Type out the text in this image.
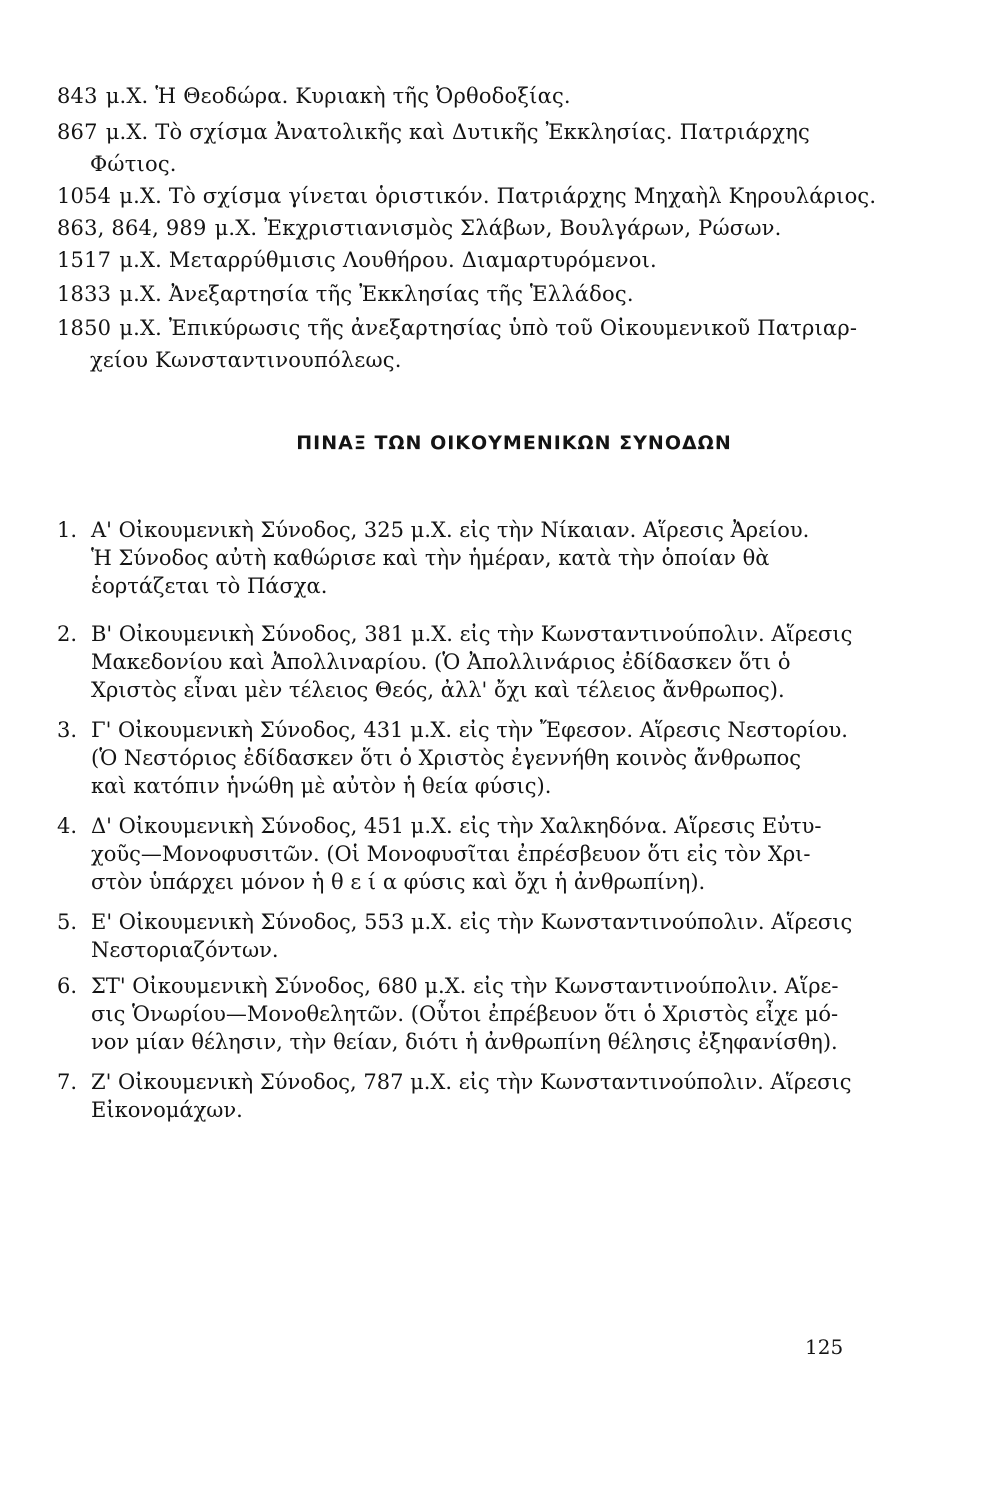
843 μ.Χ. Ἡ Θεοδώρα. Κυριακὴ τῆς Ὀρθοδοξίας.
867 μ.Χ. Τὸ σχίσμα Ἀνατολικῆς καὶ Δυτικῆς Ἐκκλησίας. Πατριάρχης
Φώτιος.
1054 μ.Χ. Τὸ σχίσμα γίνεται ὁριστικόν. Πατριάρχης Μηχαὴλ Κηρουλάριος.
863, 864, 989 μ.Χ. Ἐκχριστιανισμὸς Σλάβων, Βουλγάρων, Ρώσων.
1517 μ.Χ. Μεταρρύθμισις Λουθήρου. Διαμαρτυρόμενοι.
1833 μ.Χ. Ἀνεξαρτησία τῆς Ἐκκλησίας τῆς Ἑλλάδος.
1850 μ.Χ. Ἐπικύρωσις τῆς ἀνεξαρτησίας ὑπὸ τοῦ Οἰκουμενικοῦ Πατριαρ-
χείου Κωνσταντινουπόλεως.
ΠΙΝΑΞ ΤΩΝ ΟΙΚΟΥΜΕΝΙΚΩΝ ΣΥΝΟΔΩΝ
1. Α' Οἰκουμενικὴ Σύνοδος, 325 μ.Χ. εἰς τὴν Νίκαιαν. Αἵρεσις Ἀρείου.
Ἡ Σύνοδος αὐτὴ καθώρισε καὶ τὴν ἡμέραν, κατὰ τὴν ὁποίαν θὰ
ἑορτάζεται τὸ Πάσχα.
2. Β' Οἰκουμενικὴ Σύνοδος, 381 μ.Χ. εἰς τὴν Κωνσταντινούπολιν. Αἵρεσις
Μακεδονίου καὶ Ἀπολλιναρίου. (Ὁ Ἀπολλινάριος ἐδίδασκεν ὅτι ὁ
Χριστὸς εἶναι μὲν τέλειος Θεός, ἀλλ' ὄχι καὶ τέλειος ἄνθρωπος).
3. Γ' Οἰκουμενικὴ Σύνοδος, 431 μ.Χ. εἰς τὴν Ἔφεσον. Αἵρεσις Νεστορίου.
(Ὁ Νεστόριος ἐδίδασκεν ὅτι ὁ Χριστὸς ἐγεννήθη κοινὸς ἄνθρωπος
καὶ κατόπιν ἡνώθη μὲ αὐτὸν ἡ θεία φύσις).
4. Δ' Οἰκουμενικὴ Σύνοδος, 451 μ.Χ. εἰς τὴν Χαλκηδόνα. Αἵρεσις Εὐτυ-
χοῦς—Μονοφυσιτῶν. (Οἱ Μονοφυσῖται ἐπρέσβευον ὅτι εἰς τὸν Χρι-
στὸν ὑπάρχει μόνον ἡ θ ε ί α φύσις καὶ ὄχι ἡ ἀνθρωπίνη).
5. Ε' Οἰκουμενικὴ Σύνοδος, 553 μ.Χ. εἰς τὴν Κωνσταντινούπολιν. Αἵρεσις
Νεστοριαζόντων.
6. ΣΤ' Οἰκουμενικὴ Σύνοδος, 680 μ.Χ. εἰς τὴν Κωνσταντινούπολιν. Αἵρε-
σις Ὁνωρίου—Μονοθελητῶν. (Οὗτοι ἐπρέβευον ὅτι ὁ Χριστὸς εἶχε μό-
νον μίαν θέλησιν, τὴν θείαν, διότι ἡ ἀνθρωπίνη θέλησις ἐξηφανίσθη).
7. Ζ' Οἰκουμενικὴ Σύνοδος, 787 μ.Χ. εἰς τὴν Κωνσταντινούπολιν. Αἵρεσις
Εἰκονομάχων.
125
